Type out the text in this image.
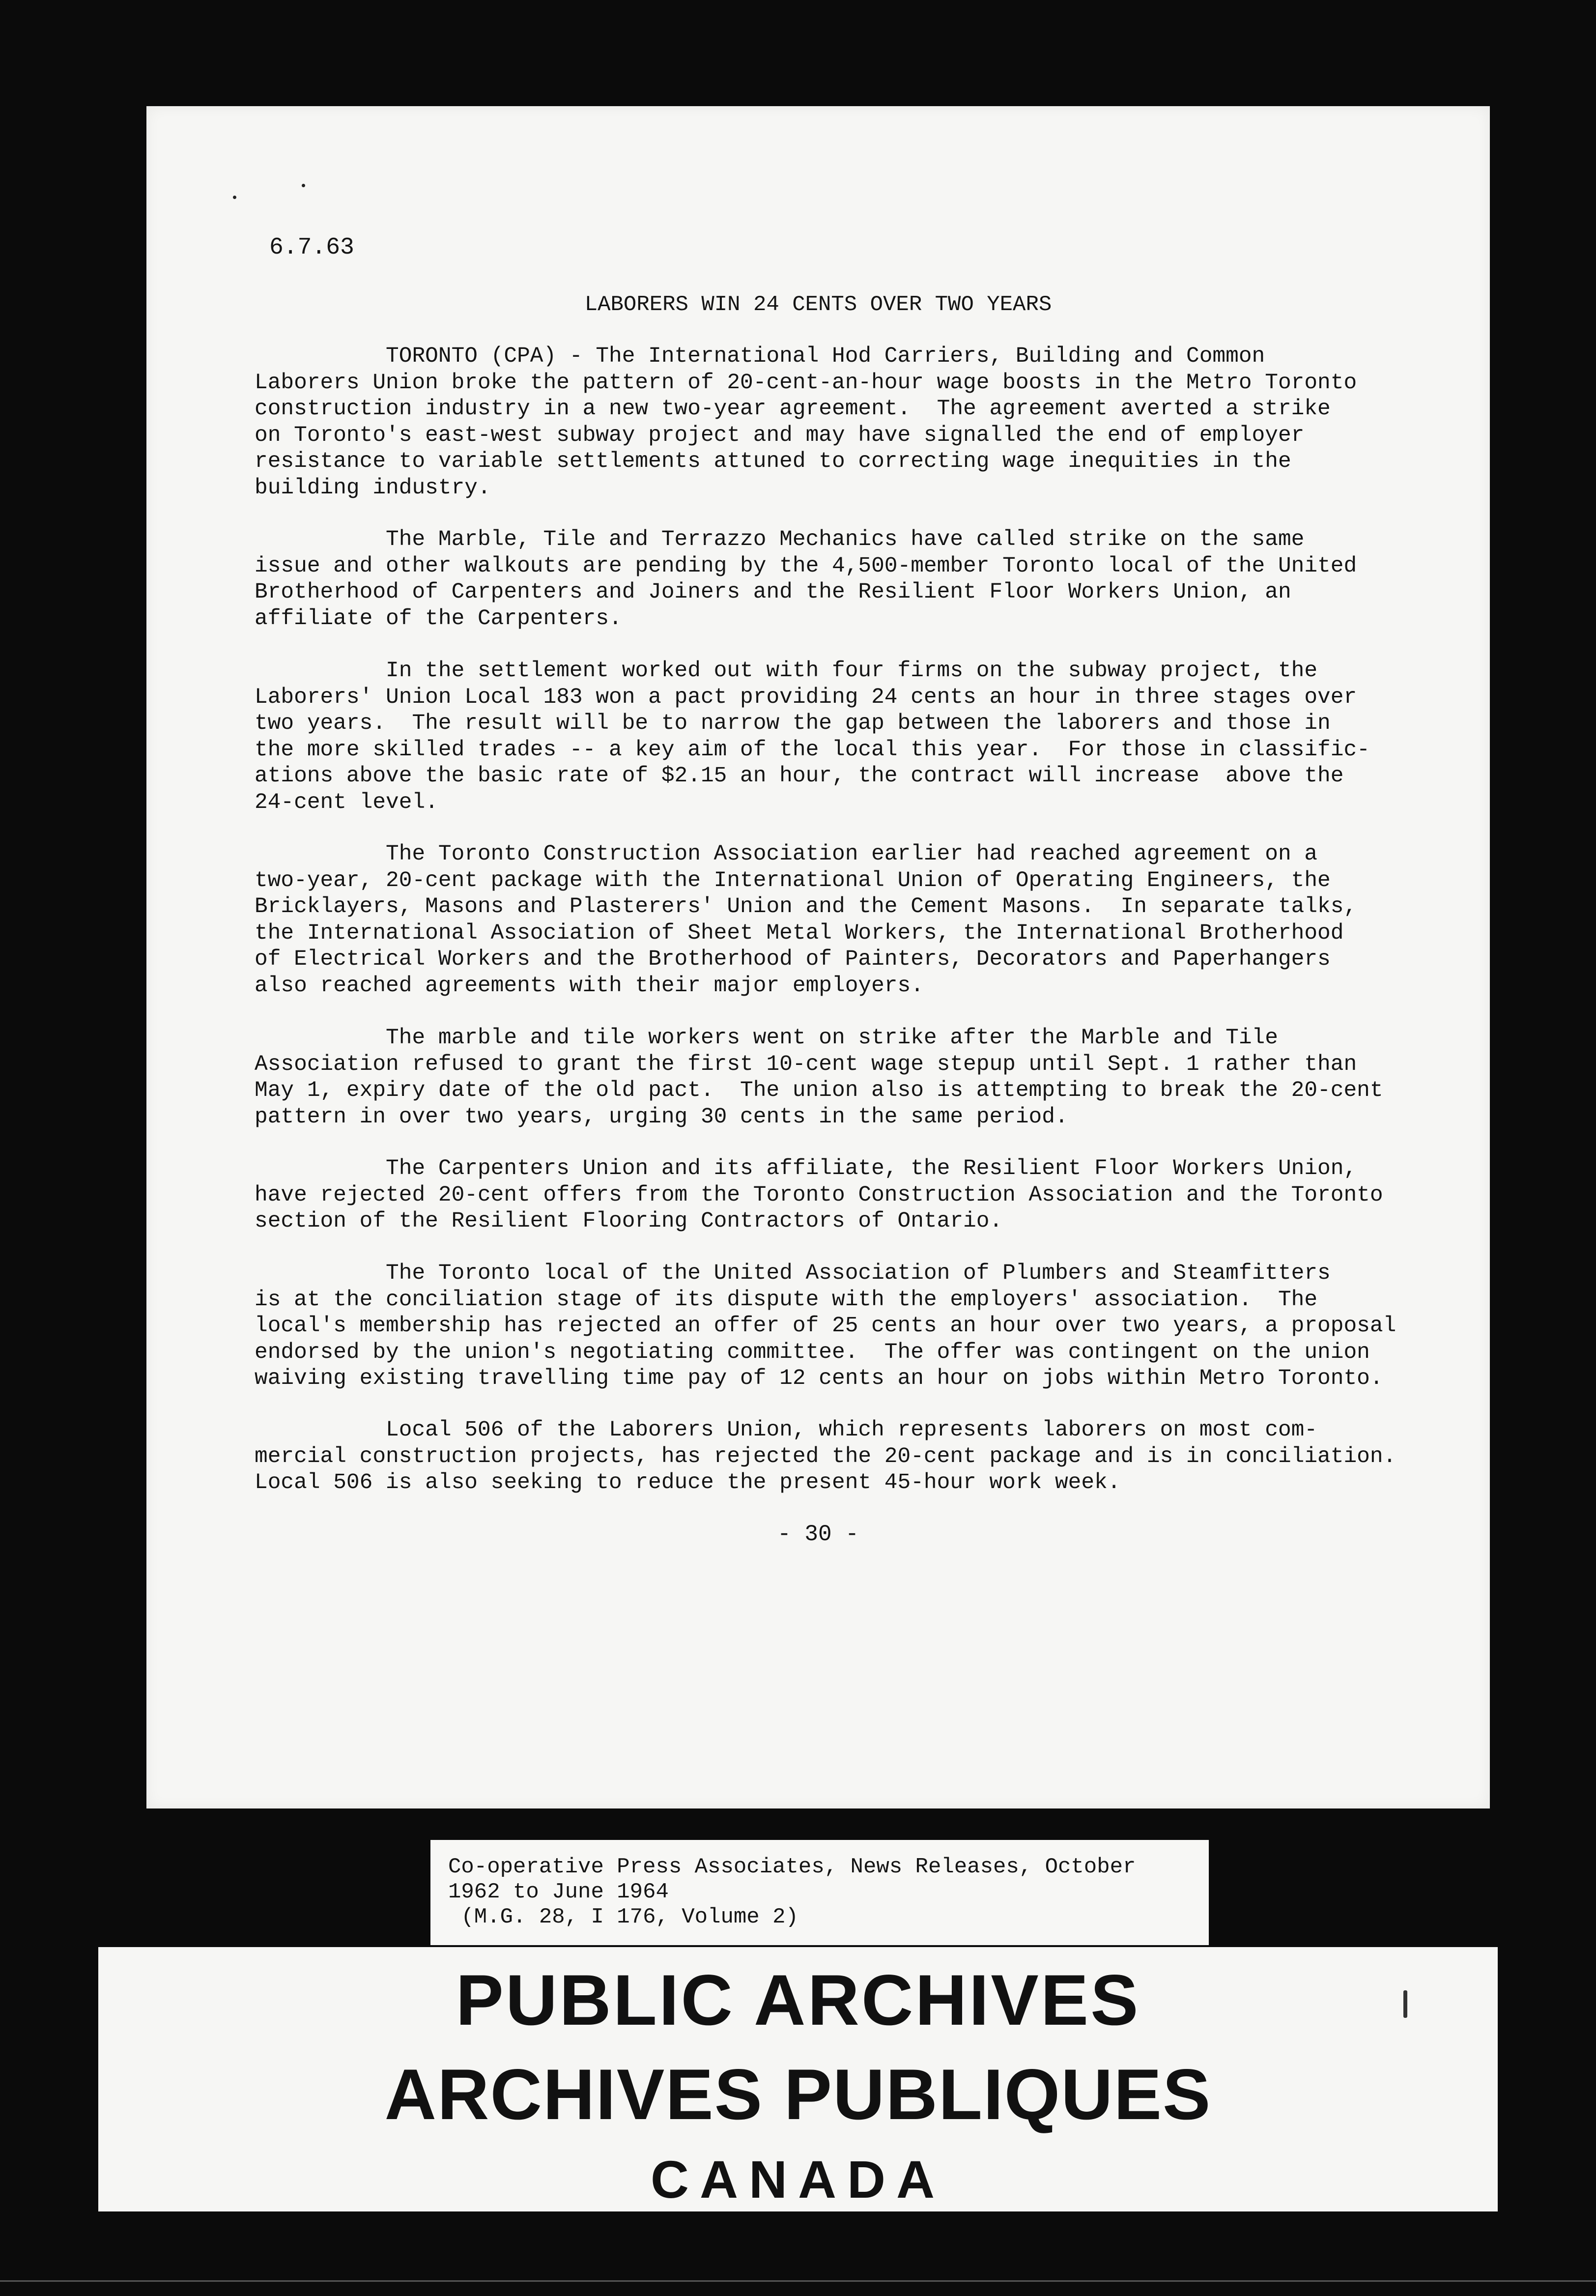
6.7.63
LABORERS WIN 24 CENTS OVER TWO YEARS

TORONTO (CPA) - The International Hod Carriers, Building and Common
Laborers Union broke the pattern of 20-cent-an-hour wage boosts in the Metro Toronto
construction industry in a new two-year agreement.  The agreement averted a strike
on Toronto's east-west subway project and may have signalled the end of employer
resistance to variable settlements attuned to correcting wage inequities in the
building industry.

The Marble, Tile and Terrazzo Mechanics have called strike on the same
issue and other walkouts are pending by the 4,500-member Toronto local of the United
Brotherhood of Carpenters and Joiners and the Resilient Floor Workers Union, an
affiliate of the Carpenters.

In the settlement worked out with four firms on the subway project, the
Laborers' Union Local 183 won a pact providing 24 cents an hour in three stages over
two years.  The result will be to narrow the gap between the laborers and those in
the more skilled trades -- a key aim of the local this year.  For those in classific-
ations above the basic rate of $2.15 an hour, the contract will increase  above the
24-cent level.

The Toronto Construction Association earlier had reached agreement on a
two-year, 20-cent package with the International Union of Operating Engineers, the
Bricklayers, Masons and Plasterers' Union and the Cement Masons.  In separate talks,
the International Association of Sheet Metal Workers, the International Brotherhood
of Electrical Workers and the Brotherhood of Painters, Decorators and Paperhangers
also reached agreements with their major employers.

The marble and tile workers went on strike after the Marble and Tile
Association refused to grant the first 10-cent wage stepup until Sept. 1 rather than
May 1, expiry date of the old pact.  The union also is attempting to break the 20-cent
pattern in over two years, urging 30 cents in the same period.

The Carpenters Union and its affiliate, the Resilient Floor Workers Union,
have rejected 20-cent offers from the Toronto Construction Association and the Toronto
section of the Resilient Flooring Contractors of Ontario.

The Toronto local of the United Association of Plumbers and Steamfitters
is at the conciliation stage of its dispute with the employers' association.  The
local's membership has rejected an offer of 25 cents an hour over two years, a proposal
endorsed by the union's negotiating committee.  The offer was contingent on the union
waiving existing travelling time pay of 12 cents an hour on jobs within Metro Toronto.

Local 506 of the Laborers Union, which represents laborers on most com-
mercial construction projects, has rejected the 20-cent package and is in conciliation.
Local 506 is also seeking to reduce the present 45-hour work week.

- 30 -

Co-operative Press Associates, News Releases, October
1962 to June 1964
(M.G. 28, I 176, Volume 2)

PUBLIC ARCHIVES
ARCHIVES PUBLIQUES
CANADA
